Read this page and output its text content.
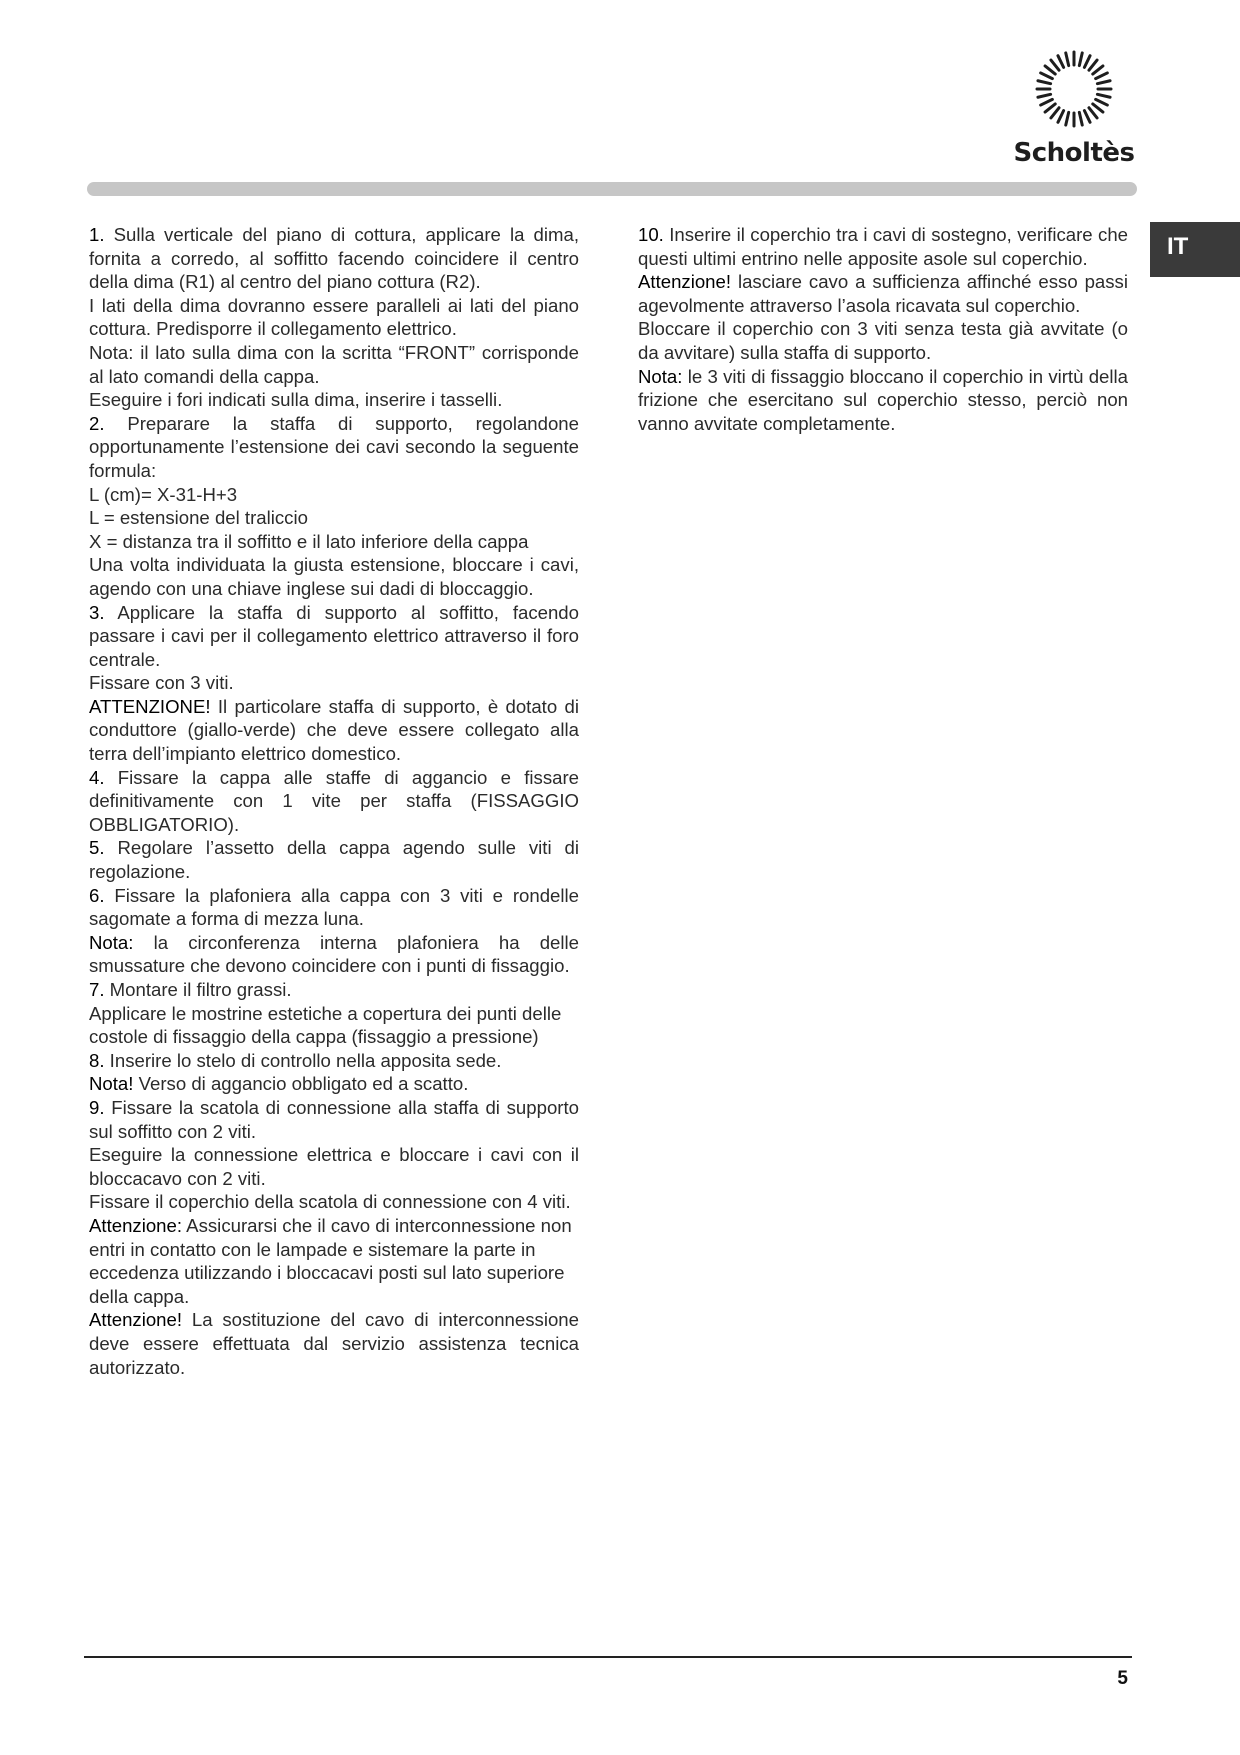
Scholtès
IT

1. Sulla verticale del piano di cottura, applicare la dima, fornita a corredo, al soffitto facendo coincidere il centro della dima (R1) al centro del piano cottura (R2).

I lati della dima dovranno essere paralleli ai lati del piano cottura. Predisporre il collegamento elettrico.

Nota: il lato sulla dima con la scritta “FRONT” corrisponde al lato comandi della cappa.

Eseguire i fori indicati sulla dima, inserire i tasselli.

2. Preparare la staffa di supporto, regolandone opportunamente l’estensione dei cavi secondo la seguente formula:

L (cm)= X-31-H+3

L = estensione del traliccio

X = distanza tra il soffitto e il lato inferiore della cappa

Una volta individuata la giusta estensione, bloccare i cavi, agendo con una chiave inglese sui dadi di bloccaggio.

3. Applicare la staffa di supporto al soffitto, facendo passare i cavi per il collegamento elettrico attraverso il foro centrale.

Fissare con 3 viti.

ATTENZIONE! Il particolare staffa di supporto, è dotato di conduttore (giallo-verde) che deve essere collegato alla terra dell’impianto elettrico domestico.

4. Fissare la cappa alle staffe di aggancio e fissare definitivamente con 1 vite per staffa (FISSAGGIO OBBLIGATORIO).

5. Regolare l’assetto della cappa agendo sulle viti di regolazione.

6. Fissare la plafoniera alla cappa con 3 viti e rondelle sagomate a forma di mezza luna.

Nota: la circonferenza interna plafoniera ha delle smussature che devono coincidere con i punti di fissaggio.

7. Montare il filtro grassi.

Applicare le mostrine estetiche a copertura dei punti delle costole di fissaggio della cappa (fissaggio a pressione)

8. Inserire lo stelo di controllo nella apposita sede.

Nota! Verso di aggancio obbligato ed a scatto.

9. Fissare la scatola di connessione alla staffa di supporto sul soffitto con 2 viti.

Eseguire la connessione elettrica e bloccare i cavi con il bloccacavo con 2 viti.

Fissare il coperchio della scatola di connessione con 4 viti.

Attenzione: Assicurarsi che il cavo di interconnessione non entri in contatto con le lampade e sistemare la parte in eccedenza utilizzando i bloccacavi posti sul lato superiore della cappa.

Attenzione! La sostituzione del cavo di interconnessione deve essere effettuata dal servizio assistenza tecnica autorizzato.

10. Inserire il coperchio tra i cavi di sostegno, verificare che questi ultimi entrino nelle apposite asole sul coperchio.

Attenzione! lasciare cavo a sufficienza affinché esso passi agevolmente attraverso l’asola ricavata sul coperchio.

Bloccare il coperchio con 3 viti senza testa già avvitate (o da avvitare) sulla staffa di supporto.

Nota: le 3 viti di fissaggio bloccano il coperchio in virtù della frizione che esercitano sul coperchio stesso, perciò non vanno avvitate completamente.

5
